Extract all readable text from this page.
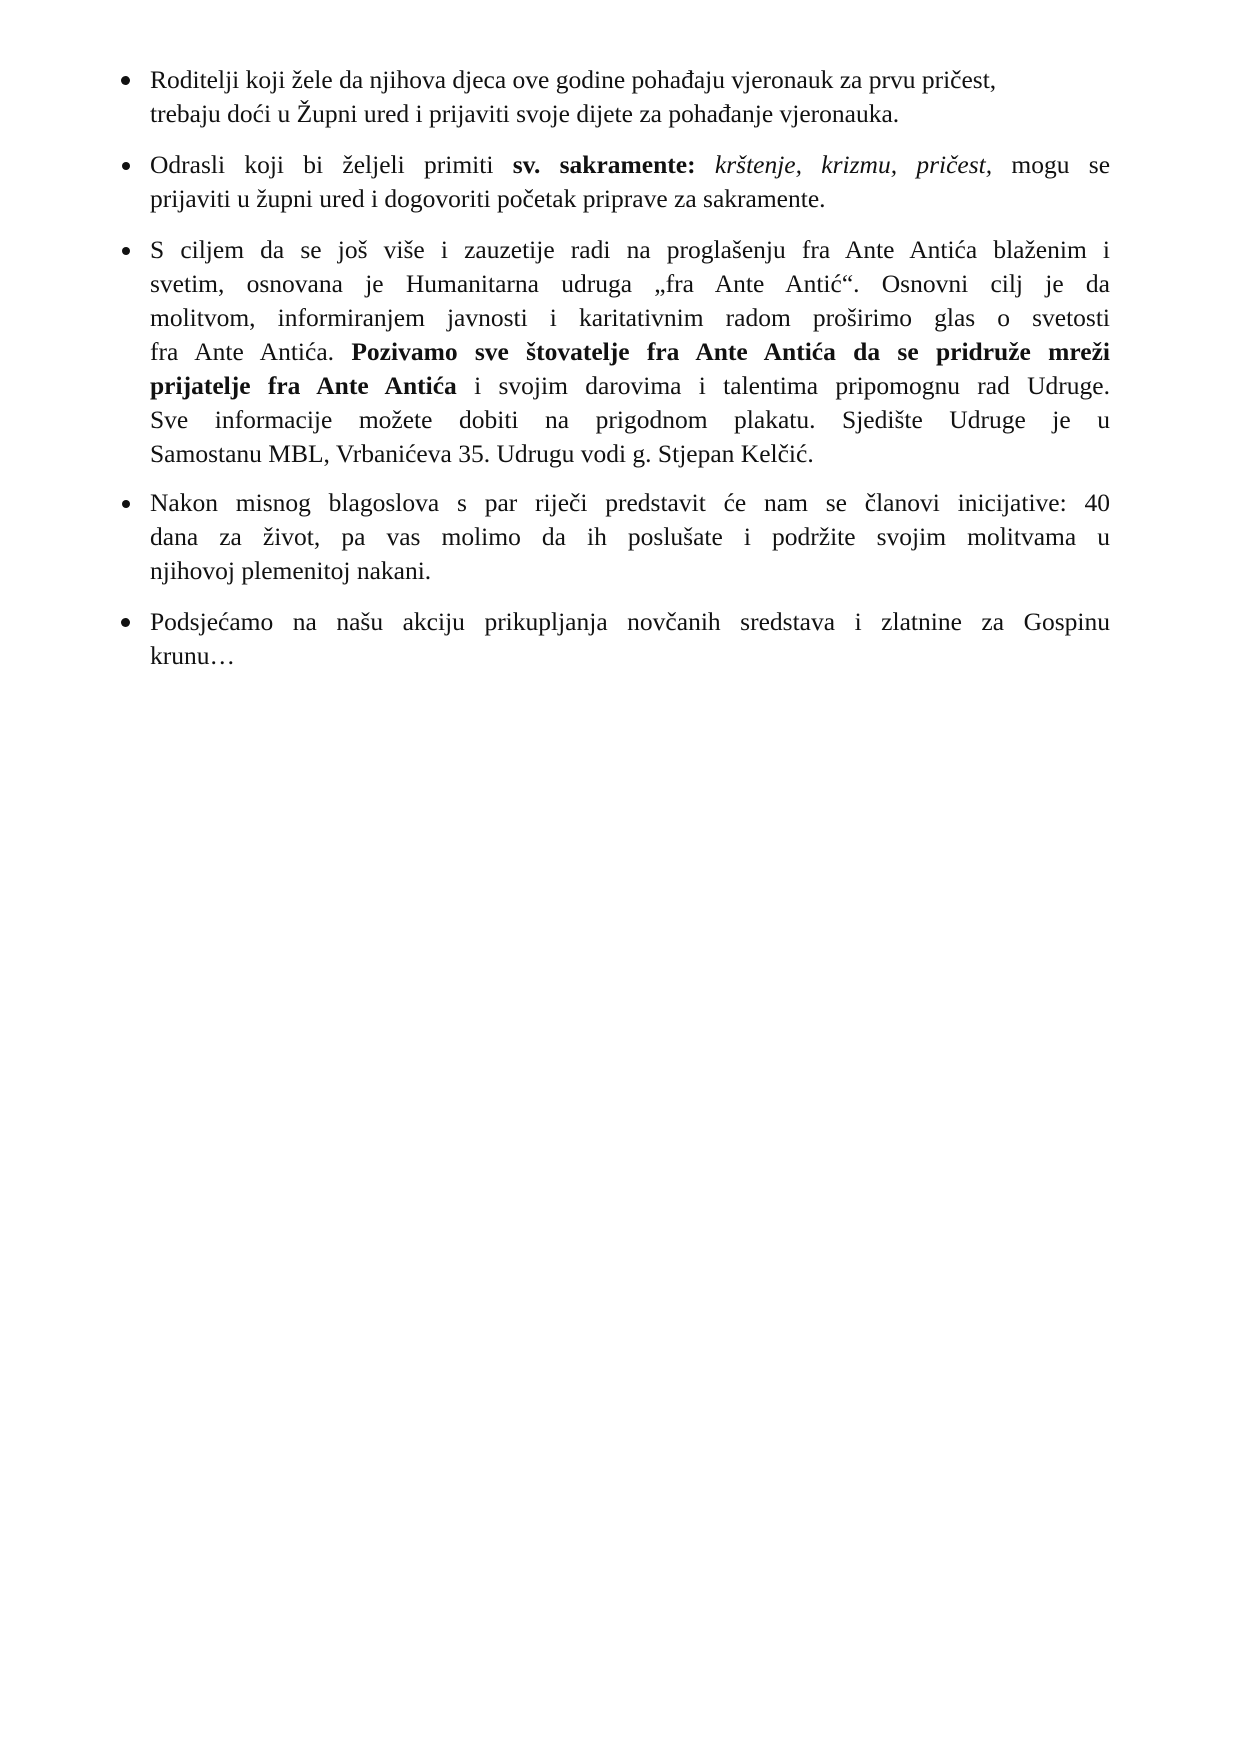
Roditelji koji žele da njihova djeca ove godine pohađaju vjeronauk za prvu pričest,
trebaju doći u Župni ured i prijaviti svoje dijete za pohađanje vjeronauka.
Odrasli koji bi željeli primiti sv. sakramente: krštenje, krizmu, pričest, mogu se
prijaviti u župni ured i dogovoriti početak priprave za sakramente.
S ciljem da se još više i zauzetije radi na proglašenju fra Ante Antića blaženim i
svetim, osnovana je Humanitarna udruga „fra Ante Antić“. Osnovni cilj je da
molitvom, informiranjem javnosti i karitativnim radom proširimo glas o svetosti
fra Ante Antića. Pozivamo sve štovatelje fra Ante Antića da se pridruže mreži
prijatelje fra Ante Antića i svojim darovima i talentima pripomognu rad Udruge.
Sve informacije možete dobiti na prigodnom plakatu. Sjedište Udruge je u
Samostanu MBL, Vrbanićeva 35. Udrugu vodi g. Stjepan Kelčić.
Nakon misnog blagoslova s par riječi predstavit će nam se članovi inicijative: 40
dana za život, pa vas molimo da ih poslušate i podržite svojim molitvama u
njihovoj plemenitoj nakani.
Podsjećamo na našu akciju prikupljanja novčanih sredstava i zlatnine za Gospinu
krunu…
